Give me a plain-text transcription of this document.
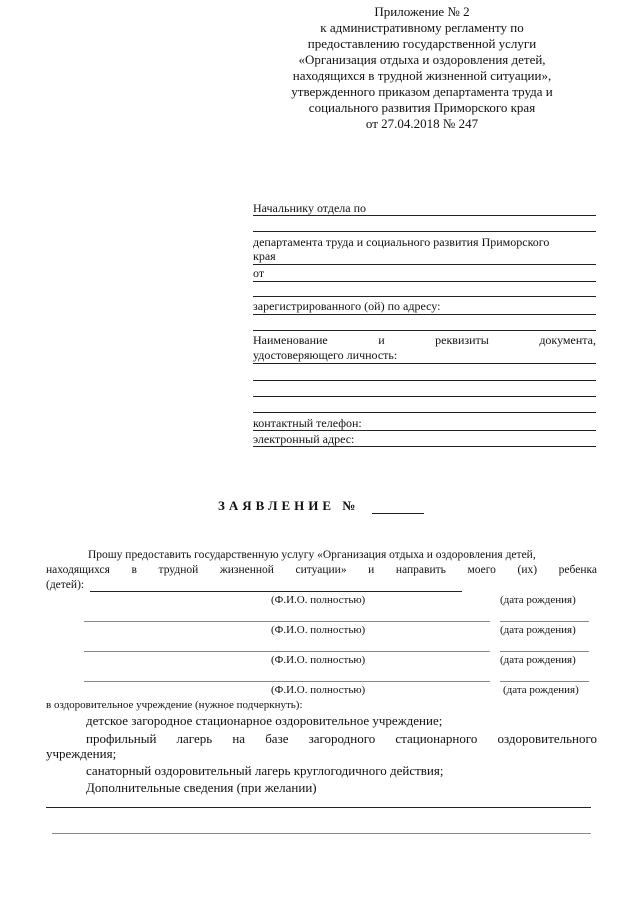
Приложение № 2
к административному регламенту по
предоставлению государственной услуги
«Организация отдыха и оздоровления детей,
находящихся в трудной жизненной ситуации»,
утвержденного приказом департамента труда и
социального развития Приморского края
от 27.04.2018 № 247
Начальнику отдела по
департамента труда и социального развития Приморского
края
от
зарегистрированного (ой) по адресу:
Наименование	и	реквизиты	документа,
удостоверяющего личность:
контактный телефон:
электронный адрес:
ЗАЯВЛЕНИЕ №
Прошу предоставить государственную услугу «Организация отдыха и оздоровления детей,
находящихся в трудной жизненной ситуации» и направить моего (их) ребенка
(детей):
(Ф.И.О. полностью)	(дата рождения)
(Ф.И.О. полностью)	(дата рождения)
(Ф.И.О. полностью)	(дата рождения)
(Ф.И.О. полностью)	(дата рождения)
в оздоровительное учреждение (нужное подчеркнуть):
детское загородное стационарное оздоровительное учреждение;
профильный лагерь на базе загородного стационарного оздоровительного
учреждения;
санаторный оздоровительный лагерь круглогодичного действия;
Дополнительные сведения (при желании)
